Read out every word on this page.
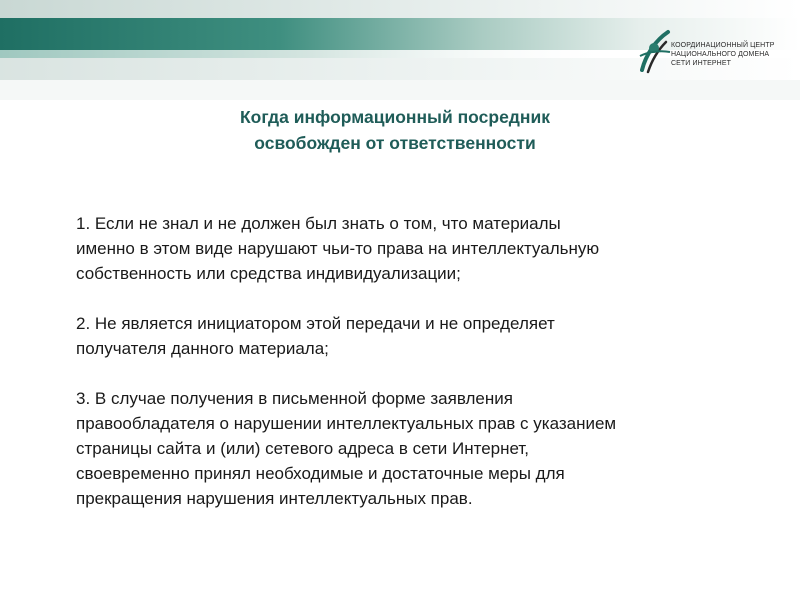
КООРДИНАЦИОННЫЙ ЦЕНТР
НАЦИОНАЛЬНОГО ДОМЕНА
СЕТИ ИНТЕРНЕТ
Когда информационный посредник
освобожден от ответственности
1. Если не знал и не должен был знать о том, что материалы
именно в этом виде нарушают чьи-то права на интеллектуальную
собственность или средства индивидуализации;
2. Не является инициатором этой передачи и не определяет
получателя данного материала;
3. В случае получения в письменной форме заявления
правообладателя о нарушении интеллектуальных прав с указанием
страницы сайта и (или) сетевого адреса в сети Интернет,
своевременно принял необходимые и достаточные меры для
прекращения нарушения интеллектуальных прав.
